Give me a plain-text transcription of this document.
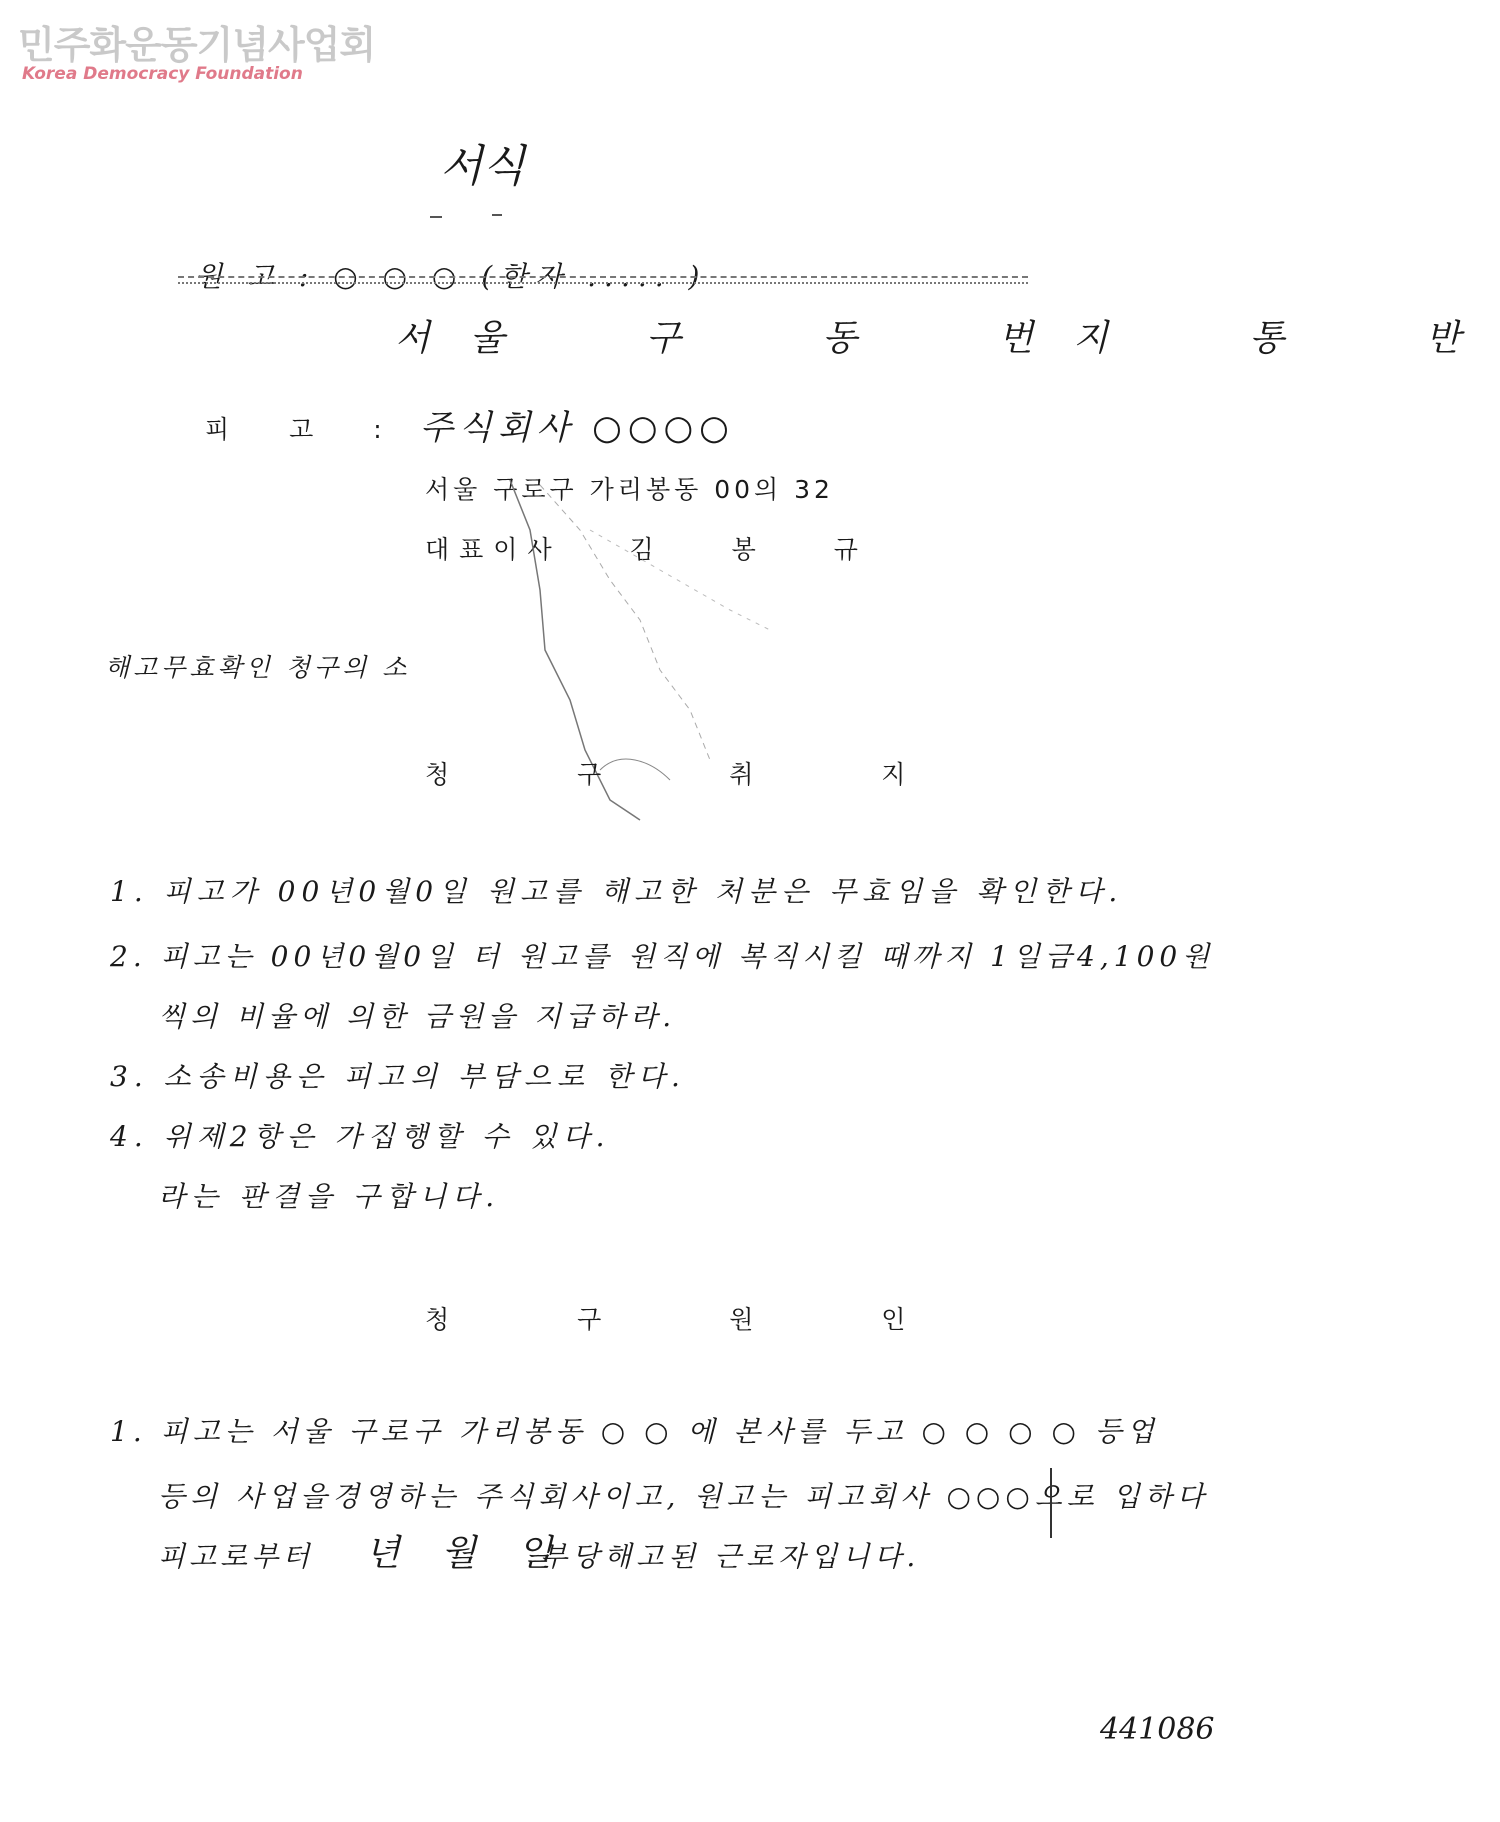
민주화운동기념사업회
Korea Democracy Foundation
서식
원 고 : ○ ○ ○ (한자 ..... )
서울 구 동 번지 통 반
피 고 : 주식회사 ○○○○
서울 구로구 가리봉동 00의 32
대표이사 김 봉 규
해고무효확인 청구의 소
청 구 취 지
1. 피고가 00년0월0일 원고를 해고한 처분은 무효임을 확인한다.
2. 피고는 00년0월0일 터 원고를 원직에 복직시킬 때까지 1일금4,100원
씩의 비율에 의한 금원을 지급하라.
3. 소송비용은 피고의 부담으로 한다.
4. 위제2항은 가집행할 수 있다.
라는 판결을 구합니다.
청 구 원 인
1. 피고는 서울 구로구 가리봉동 ○ ○ 에 본사를 두고 ○ ○ ○ ○ 등업
등의 사업을경영하는 주식회사이고, 원고는 피고회사 ○○○으로 입하다
피고로부터 년 월 일
부당해고된 근로자입니다.
441086
